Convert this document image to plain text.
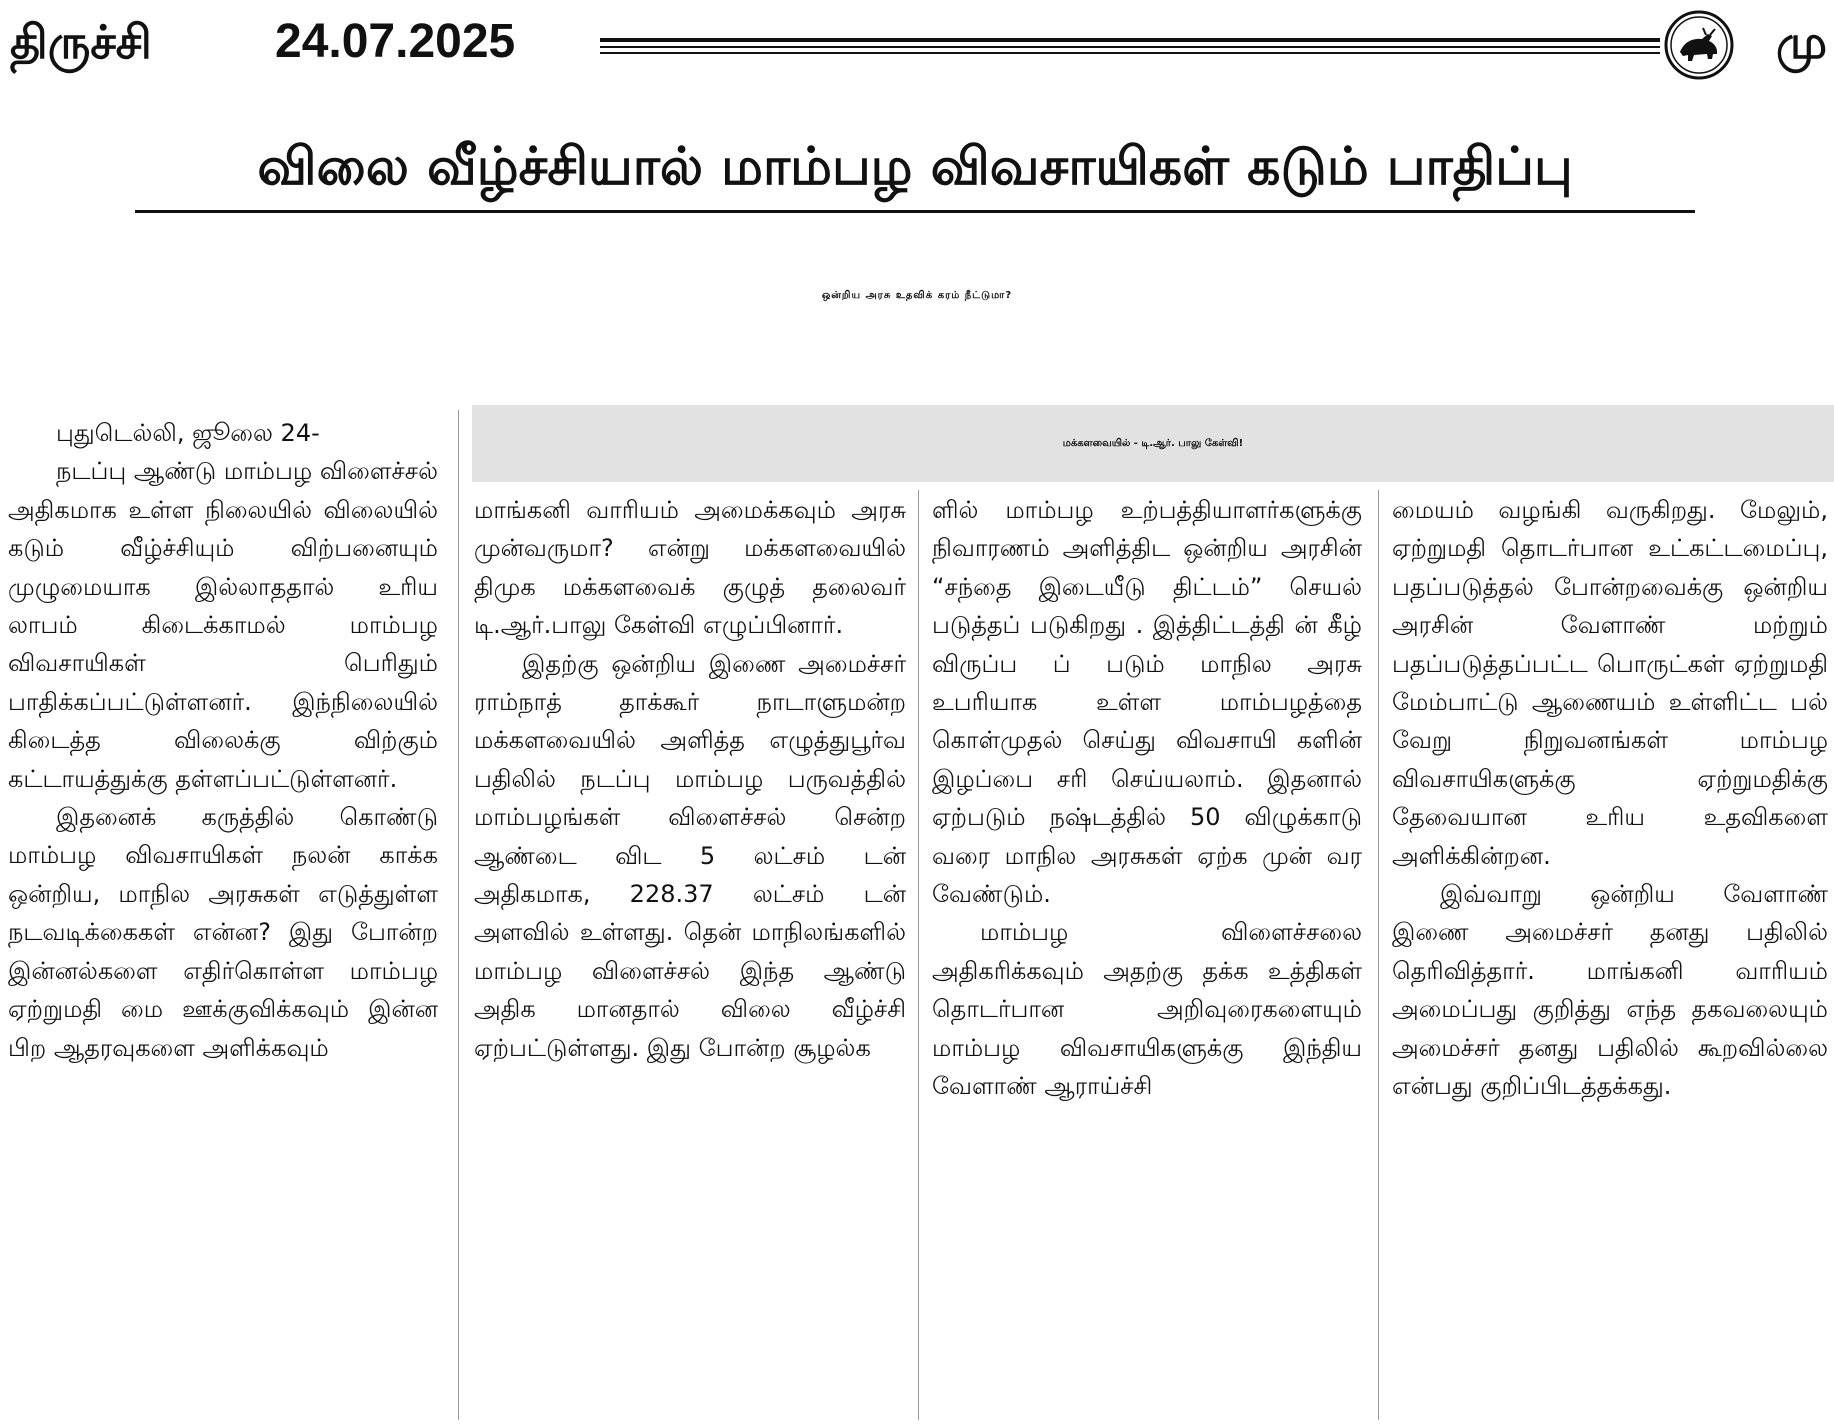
திருச்சி	24.07.2025	மு
விலை வீழ்ச்சியால் மாம்பழ விவசாயிகள் கடும் பாதிப்பு
ஒன்றிய அரசு உதவிக் கரம் நீட்டுமா?
மக்களவையில் - டி.ஆர். பாலு கேள்வி!

புதுடெல்லி, ஜூலை 24-

நடப்பு ஆண்டு மாம்பழ விளைச்சல் அதிகமாக உள்ள நிலையில் விலையில் கடும் வீழ்ச்சியும் விற்பனையும் முழுமையாக இல்லாததால் உரிய லாபம் கிடைக்காமல் மாம்பழ விவசாயிகள் பெரிதும் பாதிக்கப்பட்டுள்ளனர். இந்நிலையில் கிடைத்த விலைக்கு விற்கும் கட்டாயத்துக்கு தள்ளப்பட்டுள்ளனர்.

இதனைக் கருத்தில் கொண்டு மாம்பழ விவசாயிகள் நலன் காக்க ஒன்றிய, மாநில அரசுகள் எடுத்துள்ள நடவடிக்கைகள் என்ன? இது போன்ற இன்னல்களை எதிர்கொள்ள மாம்பழ ஏற்றுமதி மை ஊக்குவிக்கவும் இன்ன பிற ஆதரவுகளை அளிக்கவும்

மாங்கனி வாரியம் அமைக்கவும் அரசு முன்வருமா? என்று மக்களவையில் திமுக மக்களவைக் குழுத் தலைவர் டி.ஆர்.பாலு கேள்வி எழுப்பினார்.

இதற்கு ஒன்றிய இணை அமைச்சர் ராம்நாத் தாக்கூர் நாடாளுமன்ற மக்களவையில் அளித்த எழுத்துபூர்வ பதிலில் நடப்பு மாம்பழ பருவத்தில் மாம்பழங்கள் விளைச்சல் சென்ற ஆண்டை விட 5 லட்சம் டன் அதிகமாக, 228.37 லட்சம் டன் அளவில் உள்ளது. தென் மாநிலங்களில் மாம்பழ விளைச்சல் இந்த ஆண்டு அதிக மானதால் விலை வீழ்ச்சி ஏற்பட்டுள்ளது. இது போன்ற சூழல்க

ளில் மாம்பழ உற்பத்தியாளர்களுக்கு நிவாரணம் அளித்திட ஒன்றிய அரசின் “சந்தை இடையீடு திட்டம்” செயல் படுத்தப் படுகிறது . இத்திட்டத்தி ன் கீழ் விருப்ப ப் படும் மாநில அரசு உபரியாக உள்ள மாம்பழத்தை கொள்முதல் செய்து விவசாயி களின் இழப்பை சரி செய்யலாம். இதனால் ஏற்படும் நஷ்டத்தில் 50 விழுக்காடு வரை மாநில அரசுகள் ஏற்க முன் வர வேண்டும்.

மாம்பழ விளைச்சலை அதிகரிக்கவும் அதற்கு தக்க உத்திகள் தொடர்பான அறிவுரைகளையும் மாம்பழ விவசாயிகளுக்கு இந்திய வேளாண் ஆராய்ச்சி

மையம் வழங்கி வருகிறது. மேலும், ஏற்றுமதி தொடர்பான உட்கட்டமைப்பு, பதப்படுத்தல் போன்றவைக்கு ஒன்றிய அரசின் வேளாண் மற்றும் பதப்படுத்தப்பட்ட பொருட்கள் ஏற்றுமதி மேம்பாட்டு ஆணையம் உள்ளிட்ட பல் வேறு நிறுவனங்கள் மாம்பழ விவசாயிகளுக்கு ஏற்றுமதிக்கு தேவையான உரிய உதவிகளை அளிக்கின்றன.

இவ்வாறு ஒன்றிய வேளாண் இணை அமைச்சர் தனது பதிலில் தெரிவித்தார். மாங்கனி வாரியம் அமைப்பது குறித்து எந்த தகவலையும் அமைச்சர் தனது பதிலில் கூறவில்லை என்பது குறிப்பிடத்தக்கது.
